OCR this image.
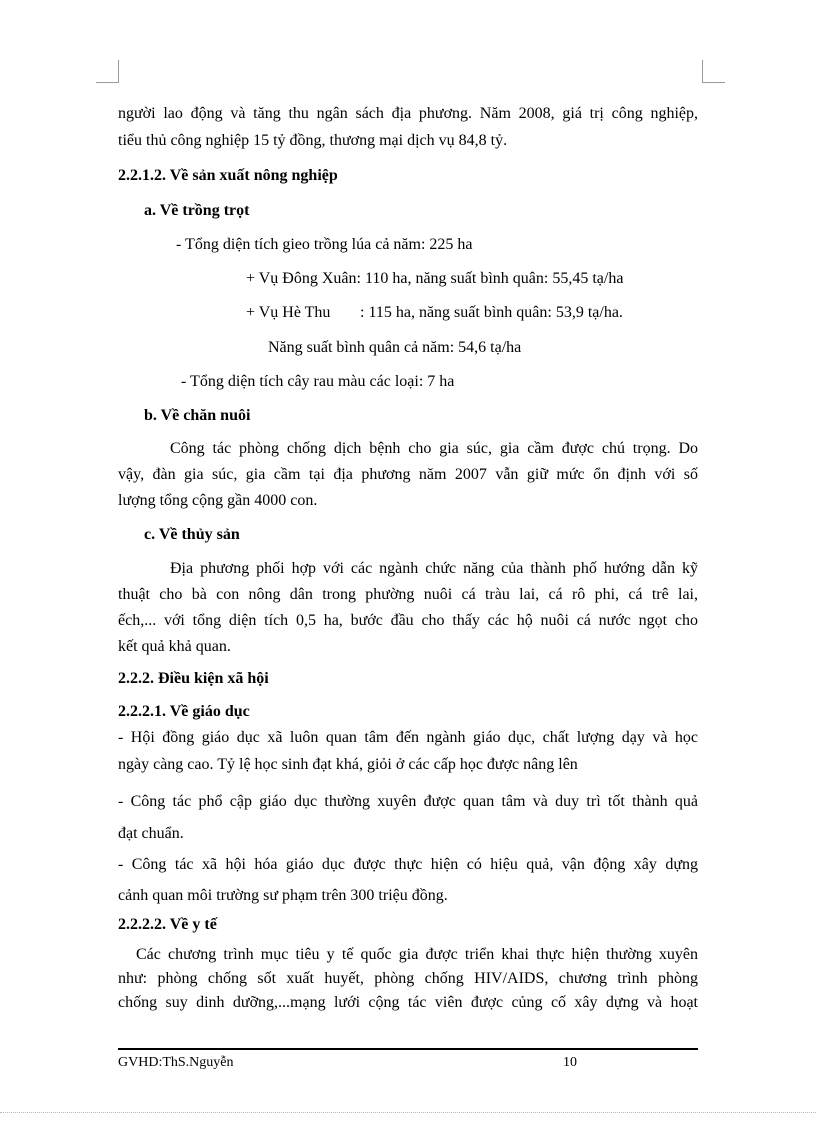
người lao động và tăng thu ngân sách địa phương. Năm 2008, giá trị công nghiệp,
tiểu thủ công nghiệp 15 tỷ đồng, thương mại dịch vụ 84,8 tỷ.
2.2.1.2. Về sản xuất nông nghiệp
a. Về trồng trọt
- Tổng diện tích gieo trồng lúa cả năm: 225 ha
+ Vụ Đông Xuân: 110 ha, năng suất bình quân: 55,45 tạ/ha
+ Vụ Hè Thu : 115 ha, năng suất bình quân: 53,9 tạ/ha.
Năng suất bình quân cả năm: 54,6 tạ/ha
- Tổng diện tích cây rau màu các loại: 7 ha
b. Về chăn nuôi
Công tác phòng chống dịch bệnh cho gia súc, gia cầm được chú trọng. Do
vậy, đàn gia súc, gia cầm tại địa phương năm 2007 vẫn giữ mức ổn định với số
lượng tổng cộng gần 4000 con.
c. Về thủy sản
Địa phương phối hợp với các ngành chức năng của thành phố hướng dẫn kỹ
thuật cho bà con nông dân trong phường nuôi cá tràu lai, cá rô phi, cá trê lai,
ếch,... với tổng diện tích 0,5 ha, bước đầu cho thấy các hộ nuôi cá nước ngọt cho
kết quả khả quan.
2.2.2. Điều kiện xã hội
2.2.2.1. Về giáo dục
- Hội đồng giáo dục xã luôn quan tâm đến ngành giáo dục, chất lượng dạy và học
ngày càng cao. Tỷ lệ học sinh đạt khá, giỏi ở các cấp học được nâng lên
- Công tác phổ cập giáo dục thường xuyên được quan tâm và duy trì tốt thành quả
đạt chuẩn.
- Công tác xã hội hóa giáo dục được thực hiện có hiệu quả, vận động xây dựng
cảnh quan môi trường sư phạm trên 300 triệu đồng.
2.2.2.2. Về y tế
Các chương trình mục tiêu y tế quốc gia được triển khai thực hiện thường xuyên
như: phòng chống sốt xuất huyết, phòng chống HIV/AIDS, chương trình phòng
chống suy dinh dưỡng,...mạng lưới cộng tác viên được củng cố xây dựng và hoạt
GVHD:ThS.Nguyễn	10
